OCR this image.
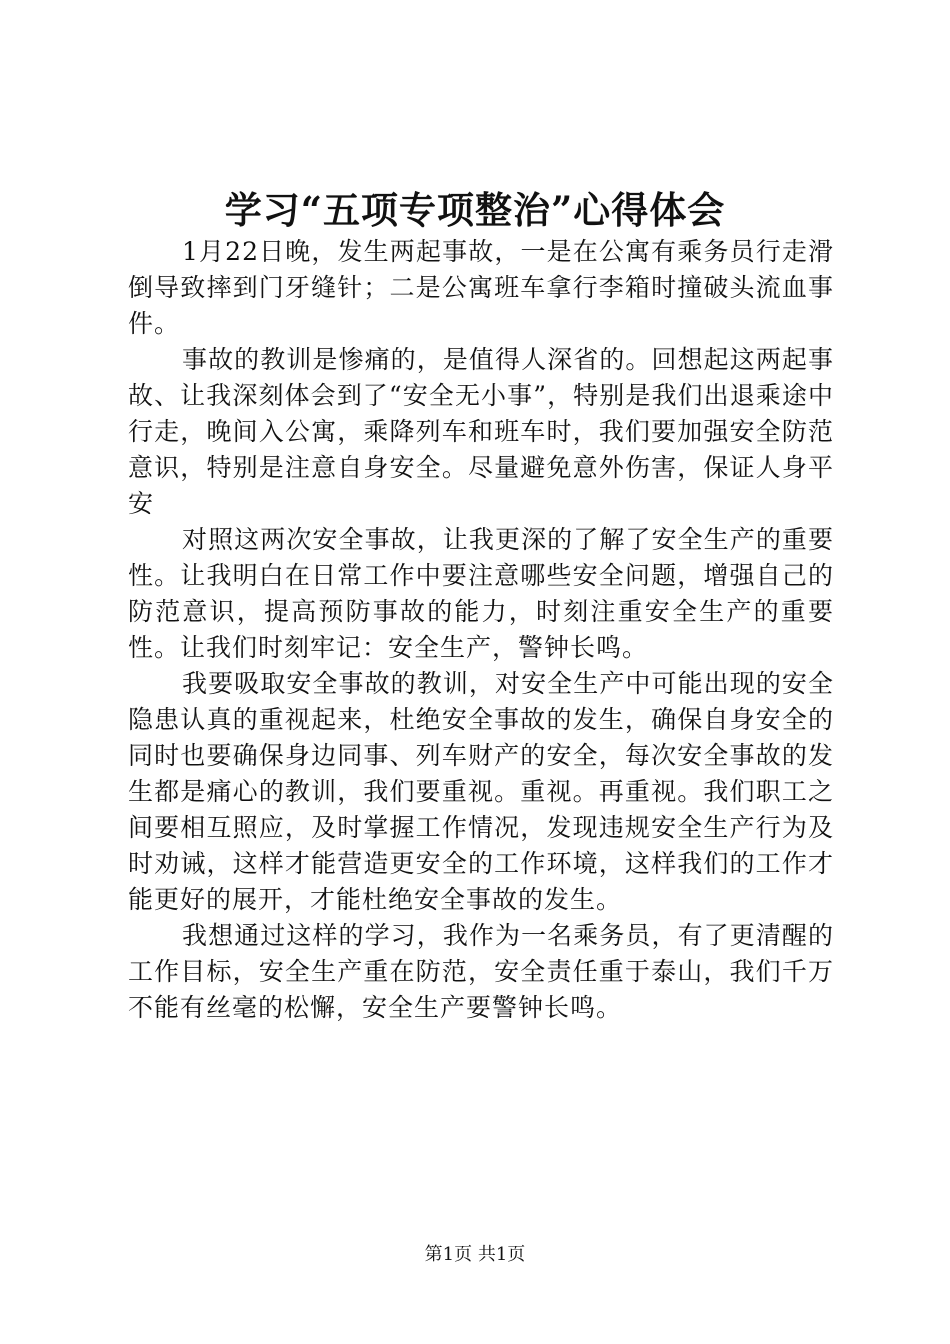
学习“五项专项整治”心得体会

1月22日晚，发生两起事故，一是在公寓有乘务员行走滑倒导致摔到门牙缝针；二是公寓班车拿行李箱时撞破头流血事件。

事故的教训是惨痛的，是值得人深省的。回想起这两起事故、让我深刻体会到了“安全无小事”，特别是我们出退乘途中行走，晚间入公寓，乘降列车和班车时，我们要加强安全防范意识，特别是注意自身安全。尽量避免意外伤害，保证人身平安

对照这两次安全事故，让我更深的了解了安全生产的重要性。让我明白在日常工作中要注意哪些安全问题，增强自己的防范意识，提高预防事故的能力，时刻注重安全生产的重要性。让我们时刻牢记：安全生产，警钟长鸣。

我要吸取安全事故的教训，对安全生产中可能出现的安全隐患认真的重视起来，杜绝安全事故的发生，确保自身安全的同时也要确保身边同事、列车财产的安全，每次安全事故的发生都是痛心的教训，我们要重视。重视。再重视。我们职工之间要相互照应，及时掌握工作情况，发现违规安全生产行为及时劝诫，这样才能营造更安全的工作环境，这样我们的工作才能更好的展开，才能杜绝安全事故的发生。

我想通过这样的学习，我作为一名乘务员，有了更清醒的工作目标，安全生产重在防范，安全责任重于泰山，我们千万不能有丝毫的松懈，安全生产要警钟长鸣。

第1页 共1页
